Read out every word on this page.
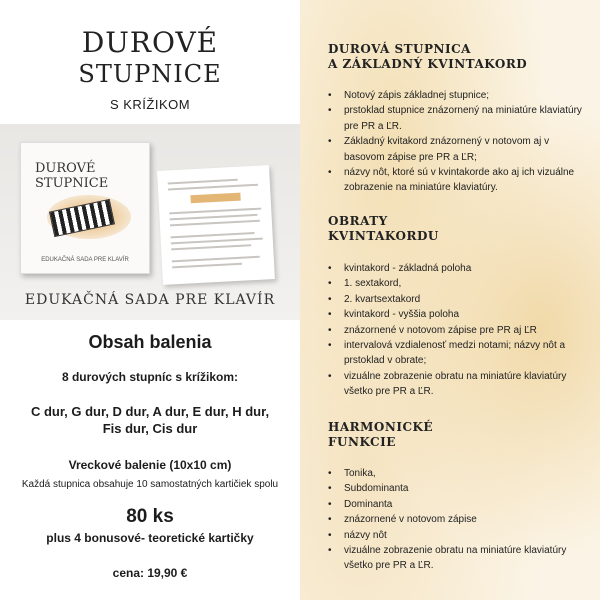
DUROVÉ
STUPNICE
S KRÍŽIKOM
DUROVÉ
STUPNICE
EDUKAČNÁ SADA PRE KLAVÍR
EDUKAČNÁ SADA PRE KLAVÍR
Obsah balenia
8 durových stupníc s krížikom:
C dur, G dur, D dur, A dur, E dur, H dur,
Fis dur, Cis dur
Vreckové balenie (10x10 cm)
Každá stupnica obsahuje 10 samostatných kartičiek spolu
80 ks
plus 4 bonusové- teoretické kartičky
cena: 19,90 €
DUROVÁ STUPNICA
A ZÁKLADNÝ KVINTAKORD
• Notový zápis základnej stupnice;
• prstoklad stupnice znázornený na miniatúre klaviatúry pre PR a ĽR.
• Základný kvitakord znázornený v notovom aj v basovom zápise pre PR a ĽR;
• názvy nôt, ktoré sú v kvintakorde ako aj ich vizuálne zobrazenie na miniatúre klaviatúry.
OBRATY
KVINTAKORDU
• kvintakord - základná poloha
• 1. sextakord,
• 2. kvartsextakord
• kvintakord - vyššia poloha
• znázornené v notovom zápise pre PR aj ĽR
• intervalová vzdialenosť medzi notami; názvy nôt a prstoklad v obrate;
• vizuálne zobrazenie obratu na miniatúre klaviatúry všetko pre PR a ĽR.
HARMONICKÉ
FUNKCIE
• Tonika,
• Subdominanta
• Dominanta
• znázornené v notovom zápise
• názvy nôt
• vizuálne zobrazenie obratu na miniatúre klaviatúry všetko pre PR a ĽR.
